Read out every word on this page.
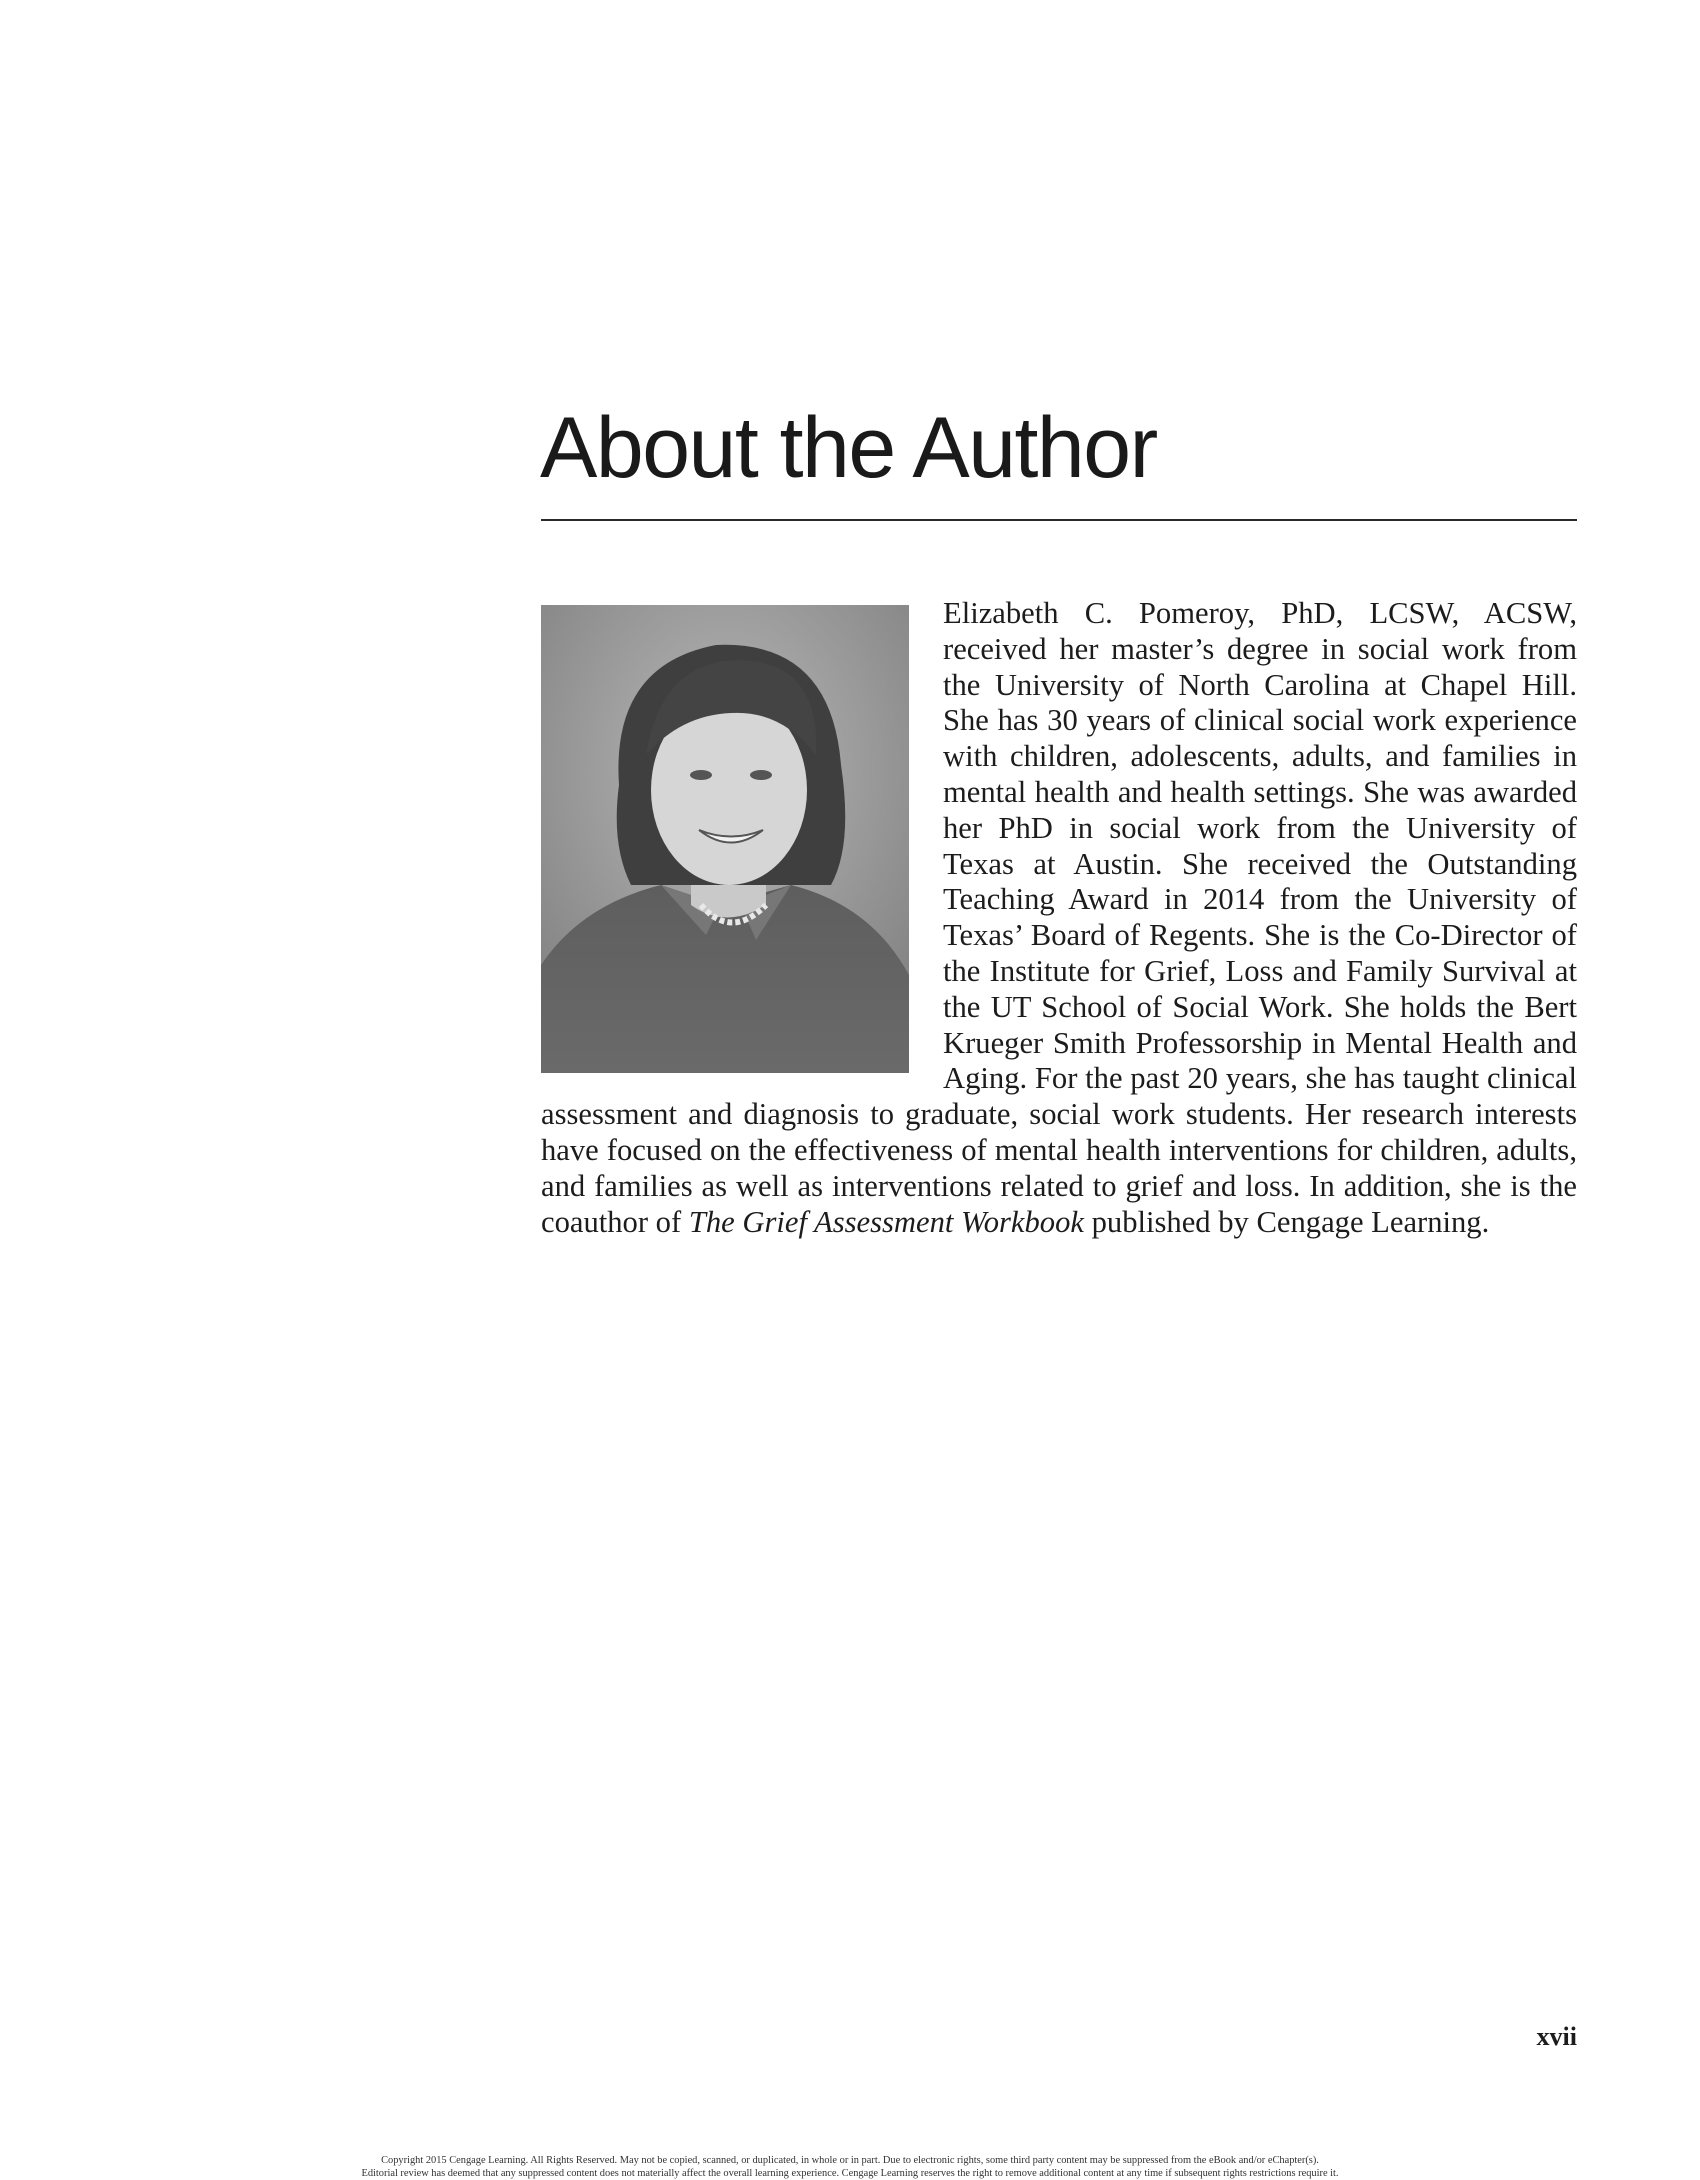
About the Author

Elizabeth C. Pomeroy, PhD, LCSW, ACSW, received her master’s degree in social work from the University of North Carolina at Chapel Hill. She has 30 years of clinical social work experience with children, adolescents, adults, and families in mental health and health settings. She was awarded her PhD in social work from the University of Texas at Austin. She received the Outstanding Teaching Award in 2014 from the University of Texas’ Board of Regents. She is the Co-Director of the Institute for Grief, Loss and Family Survival at the UT School of Social Work. She holds the Bert Krueger Smith Professorship in Mental Health and Aging. For the past 20 years, she has taught clinical assessment and diagnosis to graduate, social work students. Her research interests have focused on the effectiveness of mental health interventions for children, adults, and families as well as interventions related to grief and loss. In addition, she is the coauthor of The Grief Assessment Workbook published by Cengage Learning.

xvii
Copyright 2015 Cengage Learning. All Rights Reserved. May not be copied, scanned, or duplicated, in whole or in part. Due to electronic rights, some third party content may be suppressed from the eBook and/or eChapter(s).
Editorial review has deemed that any suppressed content does not materially affect the overall learning experience. Cengage Learning reserves the right to remove additional content at any time if subsequent rights restrictions require it.
